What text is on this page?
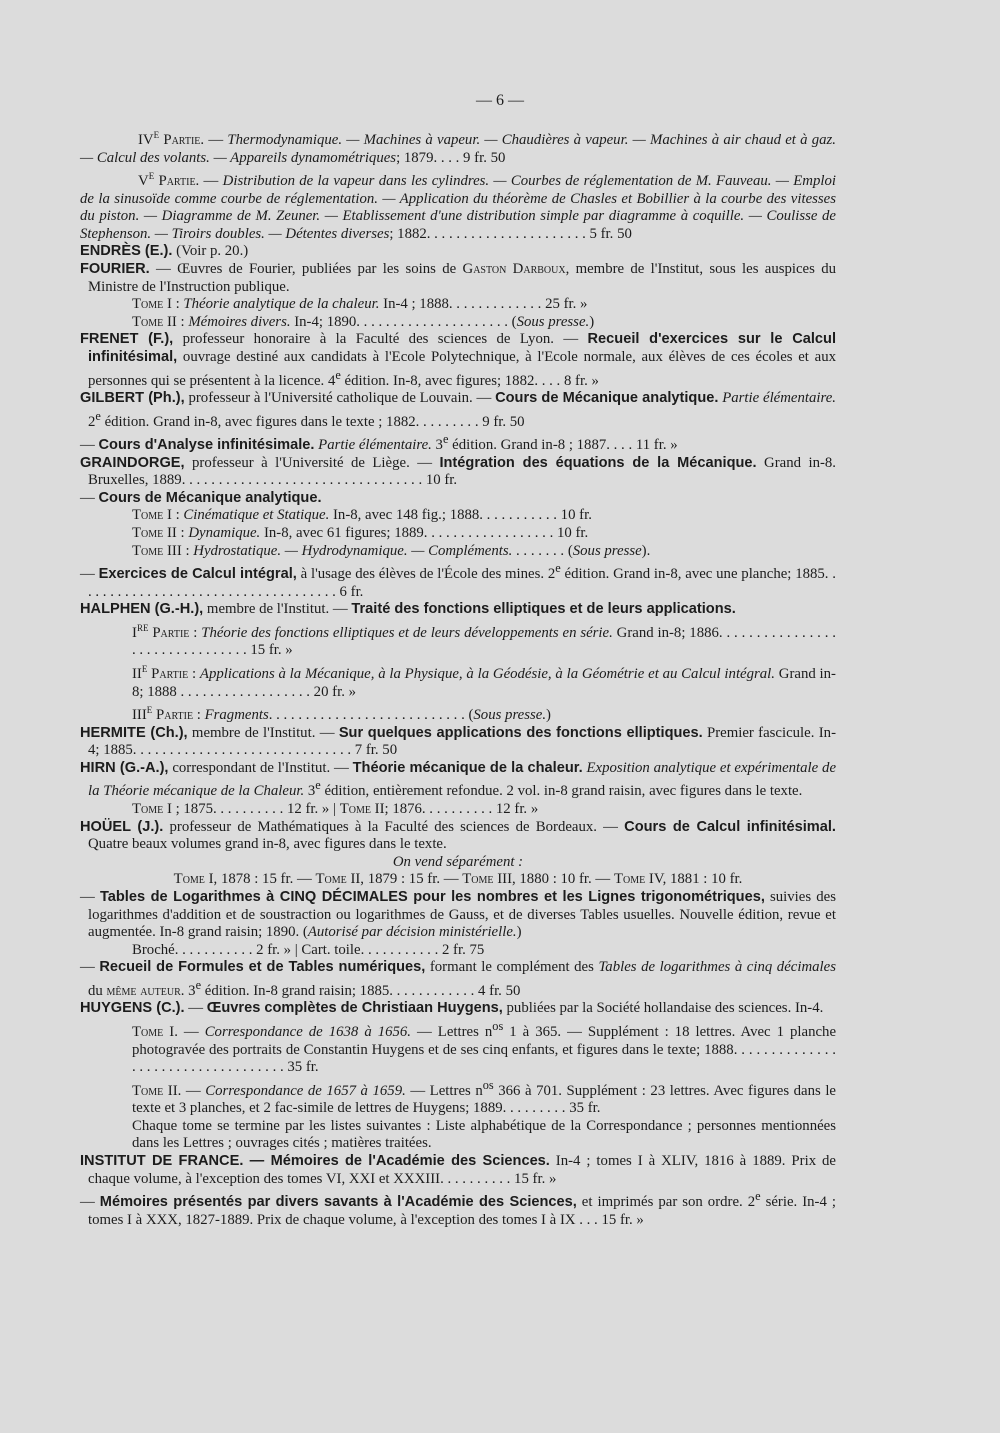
— 6 —

IVe Partie. — Thermodynamique. — Machines à vapeur. — Chaudières à vapeur. — Machines à air chaud et à gaz. — Calcul des volants. — Appareils dynamométriques; 1879. . . . 9 fr. 50

Ve Partie. — Distribution de la vapeur dans les cylindres. — Courbes de réglementation de M. Fauveau. — Emploi de la sinusoïde comme courbe de réglementation. — Application du théorème de Chasles et Bobillier à la courbe des vitesses du piston. — Diagramme de M. Zeuner. — Etablissement d'une distribution simple par diagramme à coquille. — Coulisse de Stephenson. — Tiroirs doubles. — Détentes diverses; 1882. . . . . . . . . . . . . . . . . . . . . . 5 fr. 50

ENDRÈS (E.). (Voir p. 20.)

FOURIER. — Œuvres de Fourier, publiées par les soins de Gaston Darboux, membre de l'Institut, sous les auspices du Ministre de l'Instruction publique.

Tome I : Théorie analytique de la chaleur. In-4 ; 1888. . . . . . . . . . . . . 25 fr. »

Tome II : Mémoires divers. In-4; 1890. . . . . . . . . . . . . . . . . . . . . (Sous presse.)

FRENET (F.), professeur honoraire à la Faculté des sciences de Lyon. — Recueil d'exercices sur le Calcul infinitésimal, ouvrage destiné aux candidats à l'Ecole Polytechnique, à l'Ecole normale, aux élèves de ces écoles et aux personnes qui se présentent à la licence. 4e édition. In-8, avec figures; 1882. . . . 8 fr. »

GILBERT (Ph.), professeur à l'Université catholique de Louvain. — Cours de Mécanique analytique. Partie élémentaire. 2e édition. Grand in-8, avec figures dans le texte ; 1882. . . . . . . . . 9 fr. 50

— Cours d'Analyse infinitésimale. Partie élémentaire. 3e édition. Grand in-8 ; 1887. . . . 11 fr. »

GRAINDORGE, professeur à l'Université de Liège. — Intégration des équations de la Mécanique. Grand in-8. Bruxelles, 1889. . . . . . . . . . . . . . . . . . . . . . . . . . . . . . . . . 10 fr.

— Cours de Mécanique analytique.

Tome I : Cinématique et Statique. In-8, avec 148 fig.; 1888. . . . . . . . . . . 10 fr.

Tome II : Dynamique. In-8, avec 61 figures; 1889. . . . . . . . . . . . . . . . . . 10 fr.

Tome III : Hydrostatique. — Hydrodynamique. — Compléments. . . . . . . . (Sous presse).

— Exercices de Calcul intégral, à l'usage des élèves de l'École des mines. 2e édition. Grand in-8, avec une planche; 1885. . . . . . . . . . . . . . . . . . . . . . . . . . . . . . . . . . . . 6 fr.

HALPHEN (G.-H.), membre de l'Institut. — Traité des fonctions elliptiques et de leurs applications.

Ire Partie : Théorie des fonctions elliptiques et de leurs développements en série. Grand in-8; 1886. . . . . . . . . . . . . . . . . . . . . . . . . . . . . . . . 15 fr. »

IIe Partie : Applications à la Mécanique, à la Physique, à la Géodésie, à la Géométrie et au Calcul intégral. Grand in-8; 1888 . . . . . . . . . . . . . . . . . . 20 fr. »

IIIe Partie : Fragments. . . . . . . . . . . . . . . . . . . . . . . . . . . (Sous presse.)

HERMITE (Ch.), membre de l'Institut. — Sur quelques applications des fonctions elliptiques. Premier fascicule. In-4; 1885. . . . . . . . . . . . . . . . . . . . . . . . . . . . . . 7 fr. 50

HIRN (G.-A.), correspondant de l'Institut. — Théorie mécanique de la chaleur. Exposition analytique et expérimentale de la Théorie mécanique de la Chaleur. 3e édition, entièrement refondue. 2 vol. in-8 grand raisin, avec figures dans le texte.

Tome I ; 1875. . . . . . . . . . 12 fr. » | Tome II; 1876. . . . . . . . . . 12 fr. »

HOÜEL (J.). professeur de Mathématiques à la Faculté des sciences de Bordeaux. — Cours de Calcul infinitésimal. Quatre beaux volumes grand in-8, avec figures dans le texte.

On vend séparément :

Tome I, 1878 : 15 fr. — Tome II, 1879 : 15 fr. — Tome III, 1880 : 10 fr. — Tome IV, 1881 : 10 fr.

— Tables de Logarithmes à CINQ DÉCIMALES pour les nombres et les Lignes trigonométriques, suivies des logarithmes d'addition et de soustraction ou logarithmes de Gauss, et de diverses Tables usuelles. Nouvelle édition, revue et augmentée. In-8 grand raisin; 1890. (Autorisé par décision ministérielle.)

Broché. . . . . . . . . . . 2 fr. » | Cart. toile. . . . . . . . . . . 2 fr. 75

— Recueil de Formules et de Tables numériques, formant le complément des Tables de logarithmes à cinq décimales du même auteur. 3e édition. In-8 grand raisin; 1885. . . . . . . . . . . . 4 fr. 50

HUYGENS (C.). — Œuvres complètes de Christiaan Huygens, publiées par la Société hollandaise des sciences. In-4.

Tome I. — Correspondance de 1638 à 1656. — Lettres $n^{os}$ 1 à 365. — Supplément : 18 lettres. Avec 1 planche photogravée des portraits de Constantin Huygens et de ses cinq enfants, et figures dans le texte; 1888. . . . . . . . . . . . . . . . . . . . . . . . . . . . . . . . . . . 35 fr.

Tome II. — Correspondance de 1657 à 1659. — Lettres $n^{os}$ 366 à 701. Supplément : 23 lettres. Avec figures dans le texte et 3 planches, et 2 fac-simile de lettres de Huygens; 1889. . . . . . . . . 35 fr.

Chaque tome se termine par les listes suivantes : Liste alphabétique de la Correspondance ; personnes mentionnées dans les Lettres ; ouvrages cités ; matières traitées.

INSTITUT DE FRANCE. — Mémoires de l'Académie des Sciences. In-4 ; tomes I à XLIV, 1816 à 1889. Prix de chaque volume, à l'exception des tomes VI, XXI et XXXIII. . . . . . . . . . 15 fr. »

— Mémoires présentés par divers savants à l'Académie des Sciences, et imprimés par son ordre. 2e série. In-4 ; tomes I à XXX, 1827-1889. Prix de chaque volume, à l'exception des tomes I à IX . . . 15 fr. »
